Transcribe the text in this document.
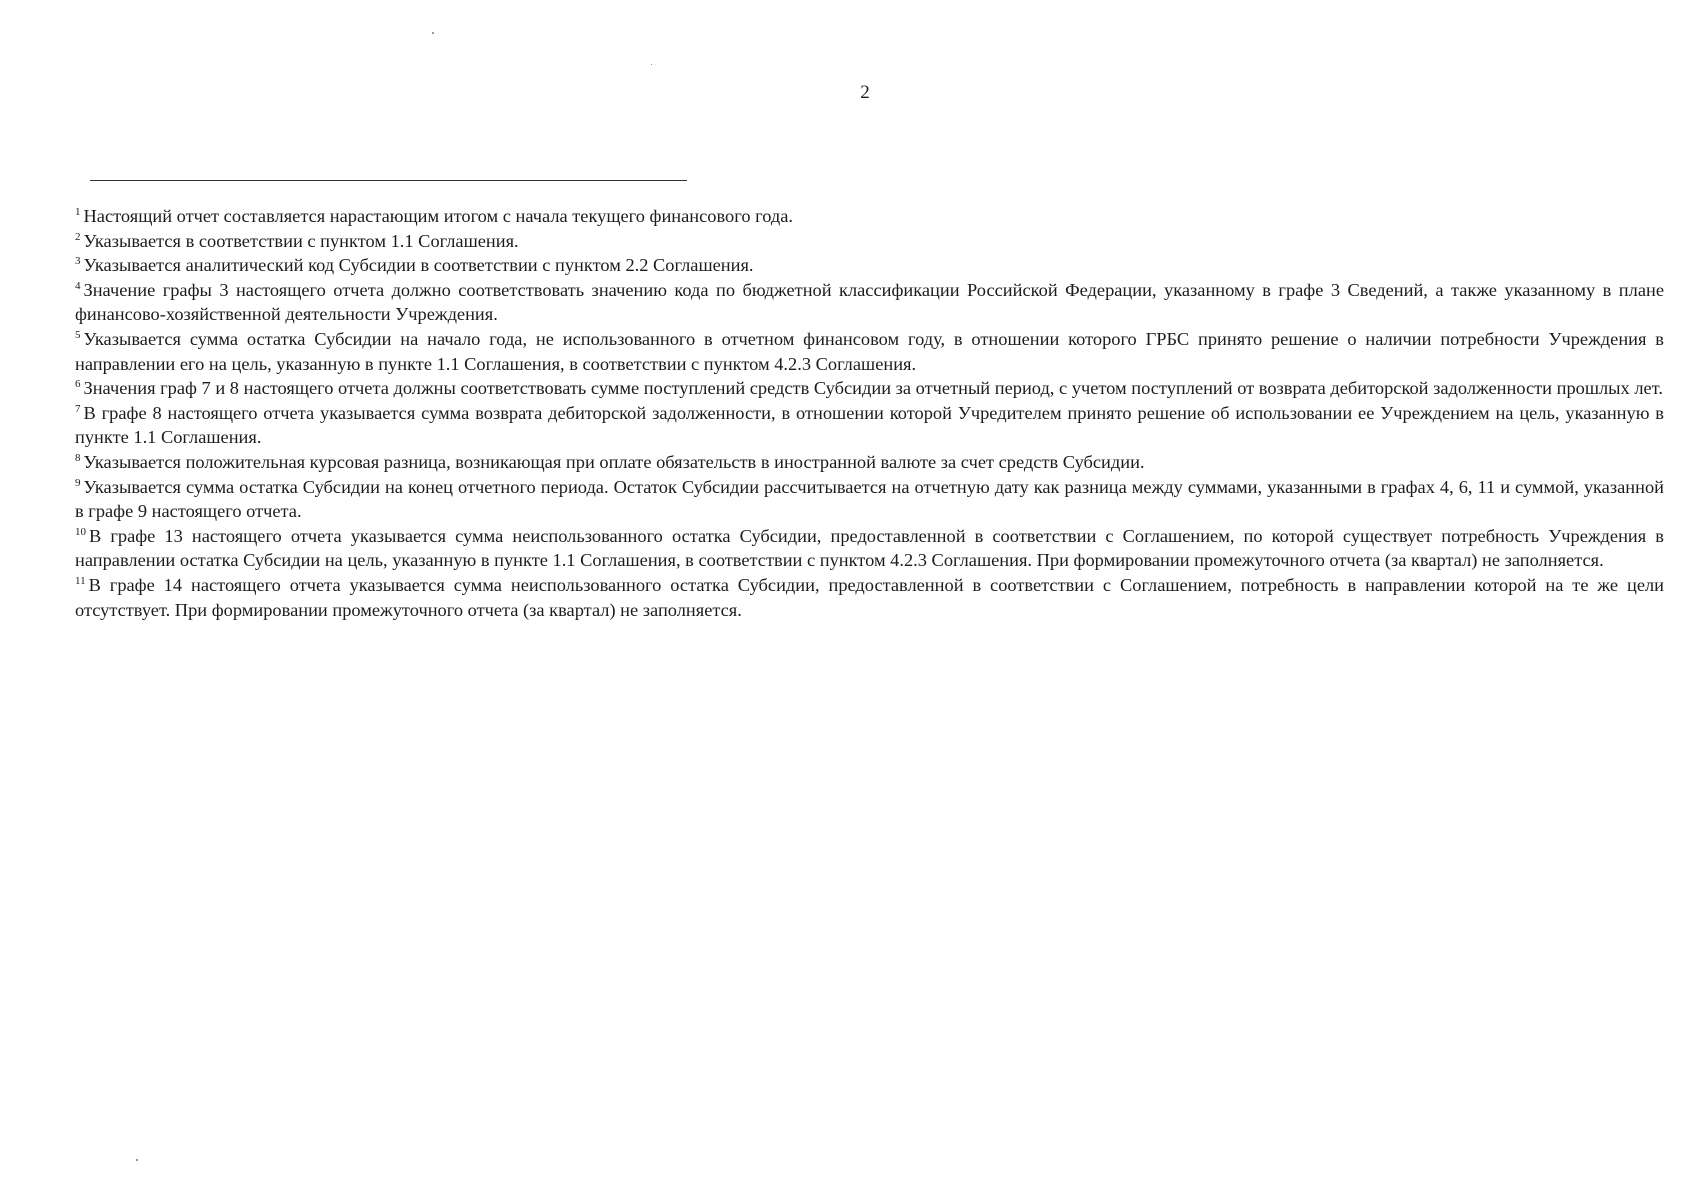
2

$^1$ Настоящий отчет составляется нарастающим итогом с начала текущего финансового года.

$^2$ Указывается в соответствии с пунктом 1.1 Соглашения.

$^3$ Указывается аналитический код Субсидии в соответствии с пунктом 2.2 Соглашения.

$^4$ Значение графы 3 настоящего отчета должно соответствовать значению кода по бюджетной классификации Российской Федерации, указанному в графе 3 Сведений, а также указанному в плане финансово-хозяйственной деятельности Учреждения.

$^5$ Указывается сумма остатка Субсидии на начало года, не использованного в отчетном финансовом году, в отношении которого ГРБС принято решение о наличии потребности Учреждения в направлении его на цель, указанную в пункте 1.1 Соглашения, в соответствии с пунктом 4.2.3 Соглашения.

$^6$ Значения граф 7 и 8 настоящего отчета должны соответствовать сумме поступлений средств Субсидии за отчетный период, с учетом поступлений от возврата дебиторской задолженности прошлых лет.

$^7$ В графе 8 настоящего отчета указывается сумма возврата дебиторской задолженности, в отношении которой Учредителем принято решение об использовании ее Учреждением на цель, указанную в пункте 1.1 Соглашения.

$^8$ Указывается положительная курсовая разница, возникающая при оплате обязательств в иностранной валюте за счет средств Субсидии.

$^9$ Указывается сумма остатка Субсидии на конец отчетного периода. Остаток Субсидии рассчитывается на отчетную дату как разница между суммами, указанными в графах 4, 6, 11 и суммой, указанной в графе 9 настоящего отчета.

$^{10}$ В графе 13 настоящего отчета указывается сумма неиспользованного остатка Субсидии, предоставленной в соответствии с Соглашением, по которой существует потребность Учреждения в направлении остатка Субсидии на цель, указанную в пункте 1.1 Соглашения, в соответствии с пунктом 4.2.3 Соглашения. При формировании промежуточного отчета (за квартал) не заполняется.

$^{11}$ В графе 14 настоящего отчета указывается сумма неиспользованного остатка Субсидии, предоставленной в соответствии с Соглашением, потребность в направлении которой на те же цели отсутствует. При формировании промежуточного отчета (за квартал) не заполняется.
